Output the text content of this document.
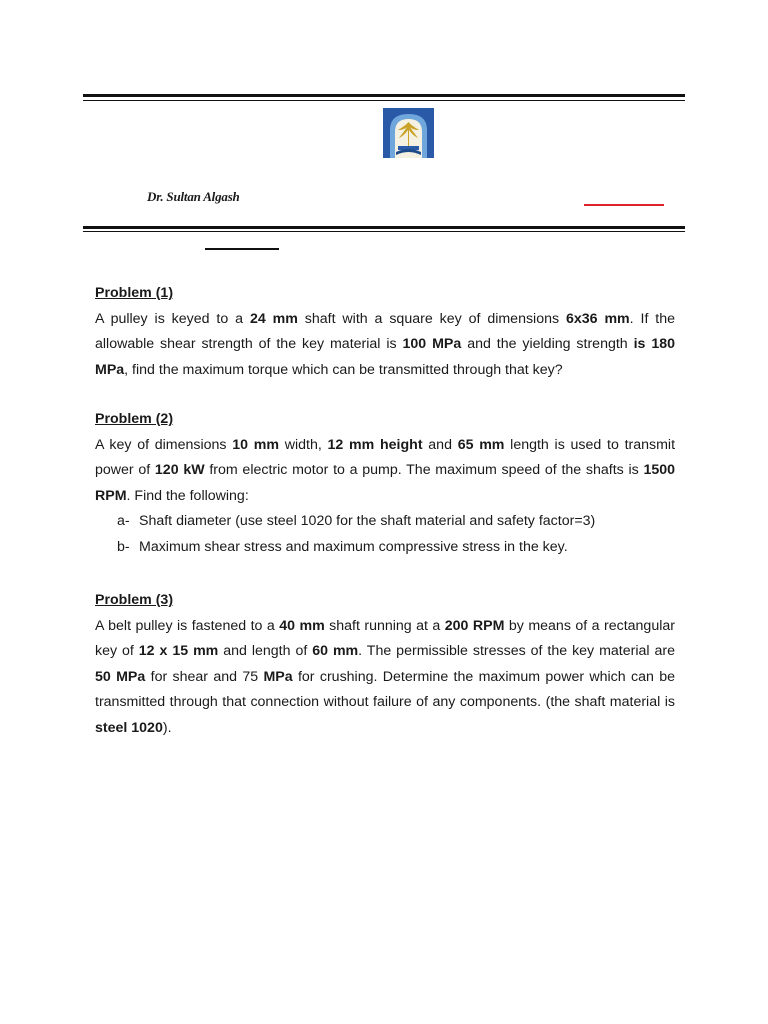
Dr. Sultan Algash
Problem (1)

A pulley is keyed to a 24 mm shaft with a square key of dimensions 6x36 mm. If the allowable shear strength of the key material is 100 MPa and the yielding strength is 180 MPa, find the maximum torque which can be transmitted through that key?

Problem (2)

A key of dimensions 10 mm width, 12 mm height and 65 mm length is used to transmit power of 120 kW from electric motor to a pump. The maximum speed of the shafts is 1500 RPM. Find the following:

a- Shaft diameter (use steel 1020 for the shaft material and safety factor=3)
b- Maximum shear stress and maximum compressive stress in the key.
Problem (3)

A belt pulley is fastened to a 40 mm shaft running at a 200 RPM by means of a rectangular key of 12 x 15 mm and length of 60 mm. The permissible stresses of the key material are 50 MPa for shear and 75 MPa for crushing. Determine the maximum power which can be transmitted through that connection without failure of any components. (the shaft material is steel 1020).
